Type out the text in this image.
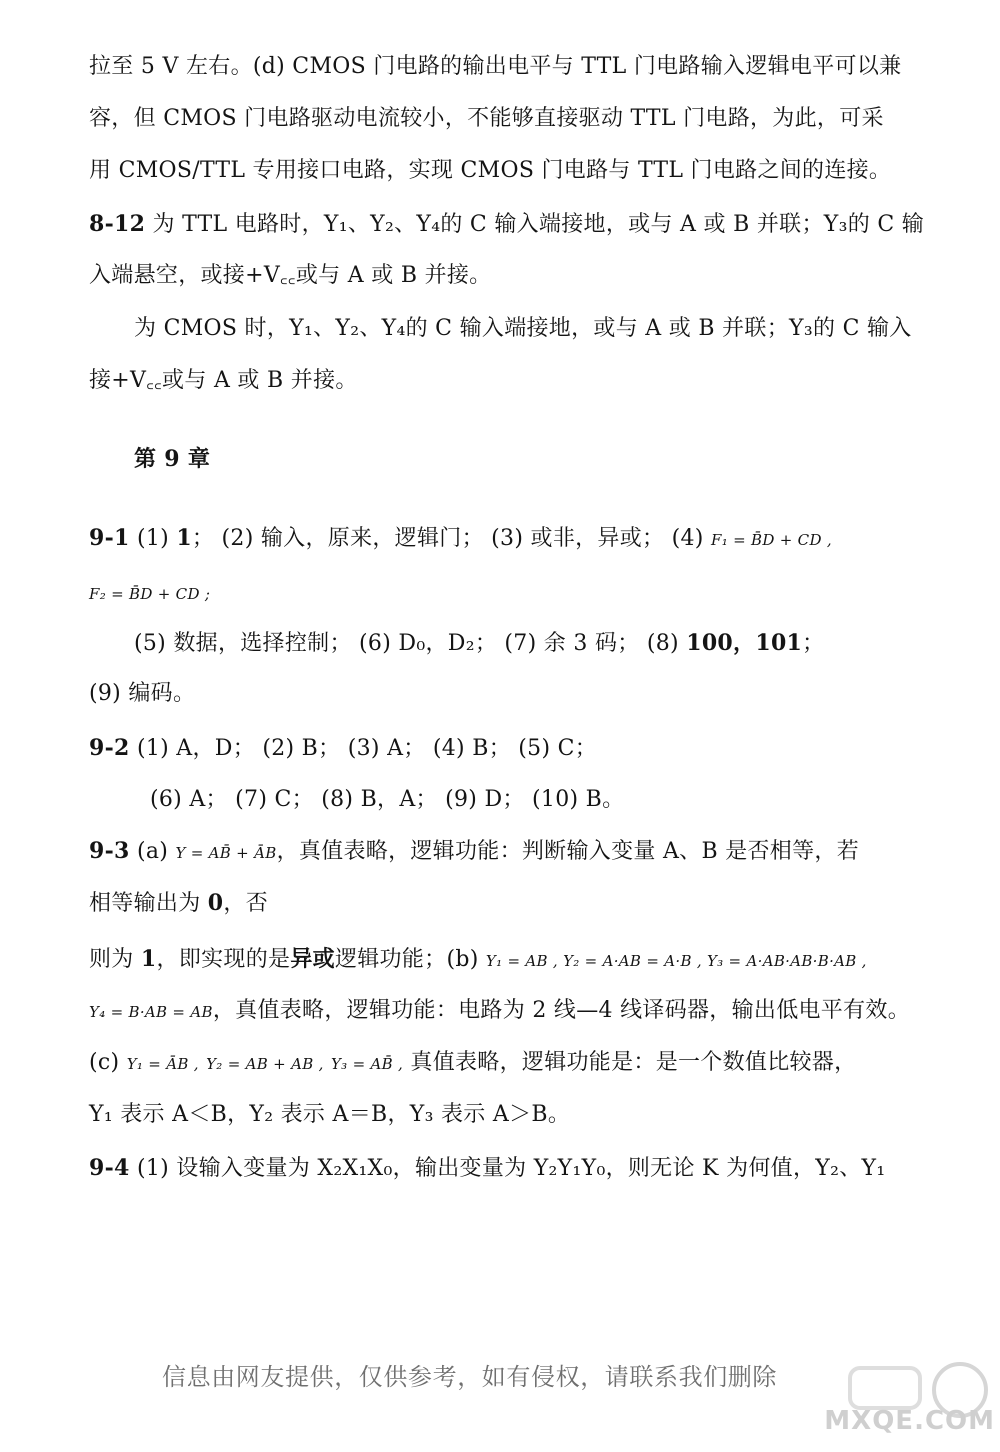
拉至 5 V 左右。(d) CMOS 门电路的输出电平与 TTL 门电路输入逻辑电平可以兼
容，但 CMOS 门电路驱动电流较小，不能够直接驱动 TTL 门电路，为此，可采
用 CMOS/TTL 专用接口电路，实现 CMOS 门电路与 TTL 门电路之间的连接。
8-12 为 TTL 电路时，Y₁、Y₂、Y₄的 C 输入端接地，或与 A 或 B 并联；Y₃的 C 输
入端悬空，或接+V꜀꜀或与 A 或 B 并接。
为 CMOS 时，Y₁、Y₂、Y₄的 C 输入端接地，或与 A 或 B 并联；Y₃的 C 输入
接+V꜀꜀或与 A 或 B 并接。
第 9 章
9-1 (1) 1； (2) 输入，原来，逻辑门； (3) 或非，异或； (4) F₁ = B̄D + CD ,
F₂ = B̄D + CD ;
(5) 数据，选择控制； (6) D₀，D₂； (7) 余 3 码； (8) 100，101；
(9) 编码。
9-2 (1) A，D； (2) B； (3) A； (4) B； (5) C；
(6) A； (7) C； (8) B，A； (9) D； (10) B。
9-3 (a) Y = AB̄ + ĀB，真值表略，逻辑功能：判断输入变量 A、B 是否相等，若
相等输出为 0，否
则为 1，即实现的是异或逻辑功能；(b) Y₁ = AB , Y₂ = A·AB = A·B , Y₃ = A·AB·AB·B·AB ,
Y₄ = B·AB = AB，真值表略，逻辑功能：电路为 2 线—4 线译码器，输出低电平有效。
(c) Y₁ = ĀB , Y₂ = AB + AB , Y₃ = AB̄ , 真值表略，逻辑功能是：是一个数值比较器，
Y₁ 表示 A＜B，Y₂ 表示 A＝B，Y₃ 表示 A＞B。
9-4 (1) 设输入变量为 X₂X₁X₀，输出变量为 Y₂Y₁Y₀，则无论 K 为何值，Y₂、Y₁
信息由网友提供，仅供参考，如有侵权，请联系我们删除
MXQE.COM
